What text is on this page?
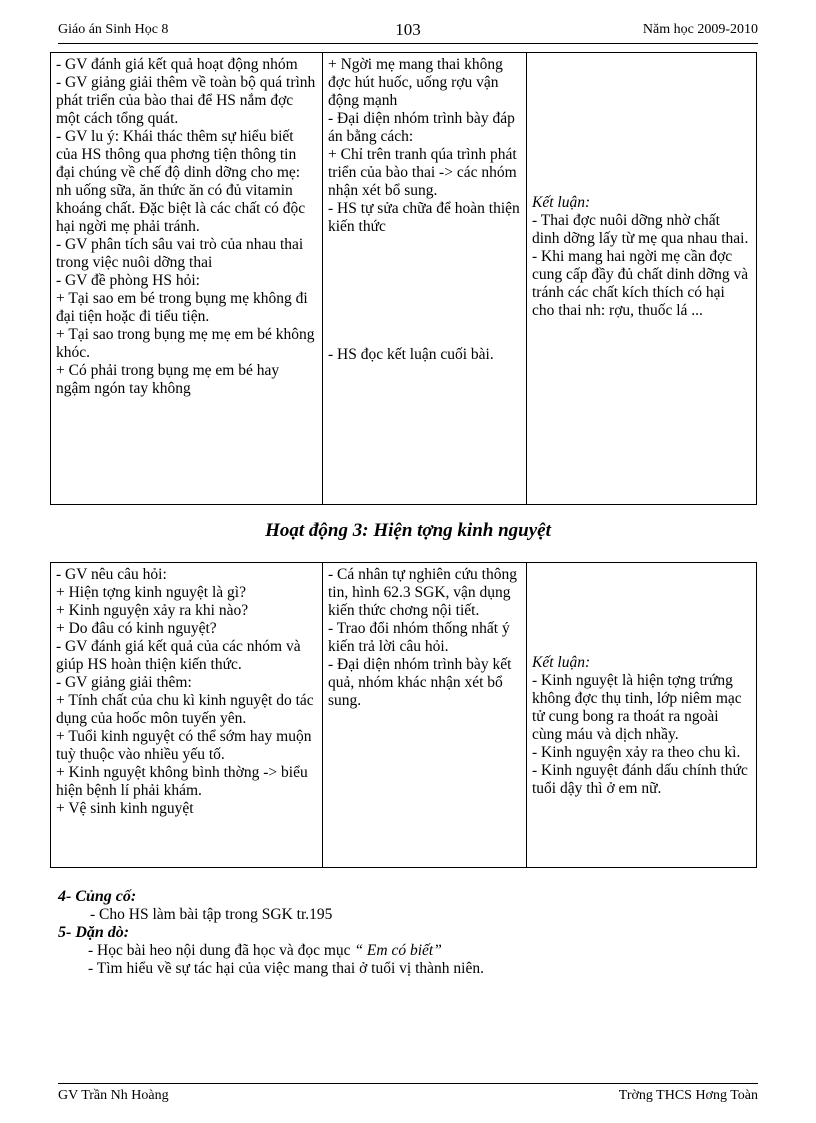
Giáo án Sinh Học 8	103	Năm học 2009-2010
- GV đánh giá kết quả hoạt động nhóm
- GV giảng giải thêm về toàn bộ quá trình phát triển của bào thai để HS nắm đợc một cách tổng quát.
- GV lu ý: Khái thác thêm sự hiểu biết của HS thông qua phơng tiện thông tin đại chúng về chế độ dinh dỡng cho mẹ: nh uống sữa, ăn thức ăn có đủ vitamin khoáng chất. Đặc biệt là các chất có độc hại ngời mẹ phải tránh.
- GV phân tích sâu vai trò của nhau thai trong việc nuôi dỡng thai
- GV đề phòng HS hỏi:
+ Tại sao em bé trong bụng mẹ không đi đại tiện hoặc đi tiểu tiện.
+ Tại sao trong bụng mẹ mẹ em bé không khóc.
+ Có phải trong bụng mẹ em bé hay ngậm ngón tay không

+ Ngời mẹ mang thai không đợc hút huốc, uống rợu vận động mạnh
- Đại diện nhóm trình bày đáp án bằng cách:
+ Chỉ trên tranh qúa trình phát triển của bào thai -> các nhóm nhận xét bổ sung.
- HS tự sửa chữa để hoàn thiện kiến thức
- HS đọc kết luận cuối bài.

Kết luận:
- Thai đợc nuôi dỡng nhờ chất dinh dỡng lấy từ mẹ qua nhau thai.
- Khi mang hai ngời mẹ cần đợc cung cấp đầy đủ chất dinh dỡng và tránh các chất kích thích có hại cho thai nh: rợu, thuốc lá ...
Hoạt động 3: Hiện tợng kinh nguyệt
- GV nêu câu hỏi:
+ Hiện tợng kinh nguyệt là gì?
+ Kinh nguyện xảy ra khi nào?
+ Do đâu có kinh nguyệt?
- GV đánh giá kết quả của các nhóm và giúp HS hoàn thiện kiến thức.
- GV giảng giải thêm:
+ Tính chất của chu kì kinh nguyệt do tác dụng của hoốc môn tuyến yên.
+ Tuổi kinh nguyệt có thể sớm hay muộn tuỳ thuộc vào nhiều yếu tố.
+ Kinh nguyệt không bình thờng -> biểu hiện bệnh lí phải khám.
+ Vệ sinh kinh nguyệt

- Cá nhân tự nghiên cứu thông tin, hình 62.3 SGK, vận dụng kiến thức chơng nội tiết.
- Trao đổi nhóm thống nhất ý kiến trả lời câu hỏi.
- Đại diện nhóm trình bày kết quả, nhóm khác nhận xét bổ sung.

Kết luận:
- Kinh nguyệt là hiện tợng trứng không đợc thụ tinh, lớp niêm mạc tử cung bong ra thoát ra ngoài cùng máu và dịch nhầy.
- Kinh nguyện xảy ra theo chu kì.
- Kinh nguyệt đánh dấu chính thức tuổi dậy thì ở em nữ.
4- Củng cố:
- Cho HS làm bài tập trong SGK tr.195
5- Dặn dò:
- Học bài heo nội dung đã học và đọc mục “ Em có biết”
- Tìm hiểu về sự tác hại của việc mang thai ở tuổi vị thành niên.
GV Trần Nh Hoàng	Trờng THCS Hơng Toàn
